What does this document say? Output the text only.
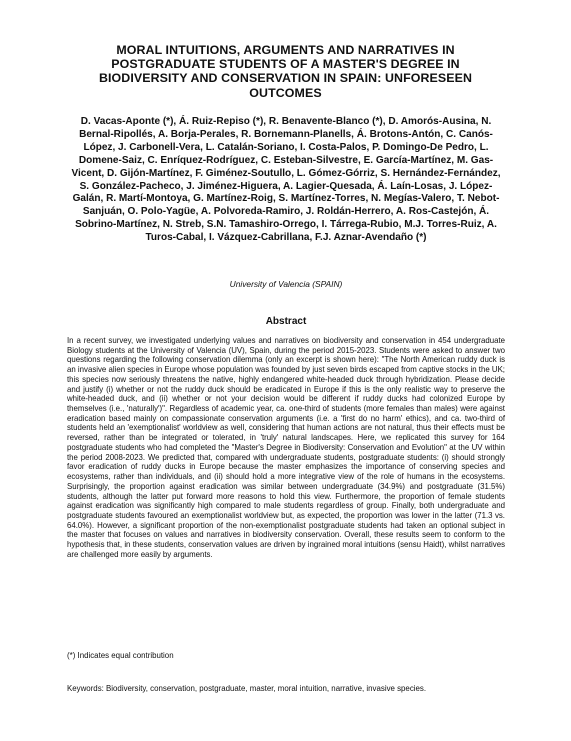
MORAL INTUITIONS, ARGUMENTS AND NARRATIVES IN POSTGRADUATE STUDENTS OF A MASTER'S DEGREE IN BIODIVERSITY AND CONSERVATION IN SPAIN: UNFORESEEN OUTCOMES

D. Vacas-Aponte (*), Á. Ruiz-Repiso (*), R. Benavente-Blanco (*), D. Amorós-Ausina, N. Bernal-Ripollés, A. Borja-Perales, R. Bornemann-Planells, Á. Brotons-Antón, C. Canós-López, J. Carbonell-Vera, L. Catalán-Soriano, I. Costa-Palos, P. Domingo-De Pedro, L. Domene-Saiz, C. Enríquez-Rodríguez, C. Esteban-Silvestre, E. García-Martínez, M. Gas-Vicent, D. Gijón-Martínez, F. Giménez-Soutullo, L. Gómez-Górriz, S. Hernández-Fernández, S. González-Pacheco, J. Jiménez-Higuera, A. Lagier-Quesada, Á. Laín-Losas, J. López-Galán, R. Martí-Montoya, G. Martínez-Roig, S. Martínez-Torres, N. Megías-Valero, T. Nebot-Sanjuán, O. Polo-Yagüe, A. Polvoreda-Ramiro, J. Roldán-Herrero, A. Ros-Castejón, Á. Sobrino-Martínez, N. Streb, S.N. Tamashiro-Orrego, I. Tárrega-Rubio, M.J. Torres-Ruiz, A. Turos-Cabal, I. Vázquez-Cabrillana, F.J. Aznar-Avendaño (*)

University of Valencia (SPAIN)

Abstract

In a recent survey, we investigated underlying values and narratives on biodiversity and conservation in 454 undergraduate Biology students at the University of Valencia (UV), Spain, during the period 2015-2023. Students were asked to answer two questions regarding the following conservation dilemma (only an excerpt is shown here): "The North American ruddy duck is an invasive alien species in Europe whose population was founded by just seven birds escaped from captive stocks in the UK; this species now seriously threatens the native, highly endangered white-headed duck through hybridization. Please decide and justify (i) whether or not the ruddy duck should be eradicated in Europe if this is the only realistic way to preserve the white-headed duck, and (ii) whether or not your decision would be different if ruddy ducks had colonized Europe by themselves (i.e., 'naturally')". Regardless of academic year, ca. one-third of students (more females than males) were against eradication based mainly on compassionate conservation arguments (i.e. a 'first do no harm' ethics), and ca. two-third of students held an 'exemptionalist' worldview as well, considering that human actions are not natural, thus their effects must be reversed, rather than be integrated or tolerated, in 'truly' natural landscapes. Here, we replicated this survey for 164 postgraduate students who had completed the "Master's Degree in Biodiversity: Conservation and Evolution" at the UV within the period 2008-2023. We predicted that, compared with undergraduate students, postgraduate students: (i) should strongly favor eradication of ruddy ducks in Europe because the master emphasizes the importance of conserving species and ecosystems, rather than individuals, and (ii) should hold a more integrative view of the role of humans in the ecosystems. Surprisingly, the proportion against eradication was similar between undergraduate (34.9%) and postgraduate (31.5%) students, although the latter put forward more reasons to hold this view. Furthermore, the proportion of female students against eradication was significantly high compared to male students regardless of group. Finally, both undergraduate and postgraduate students favoured an exemptionalist worldview but, as expected, the proportion was lower in the latter (71.3 vs. 64.0%). However, a significant proportion of the non-exemptionalist postgraduate students had taken an optional subject in the master that focuses on values and narratives in biodiversity conservation. Overall, these results seem to conform to the hypothesis that, in these students, conservation values are driven by ingrained moral intuitions (sensu Haidt), whilst narratives are challenged more easily by arguments.

(*) Indicates equal contribution

Keywords: Biodiversity, conservation, postgraduate, master, moral intuition, narrative, invasive species.
